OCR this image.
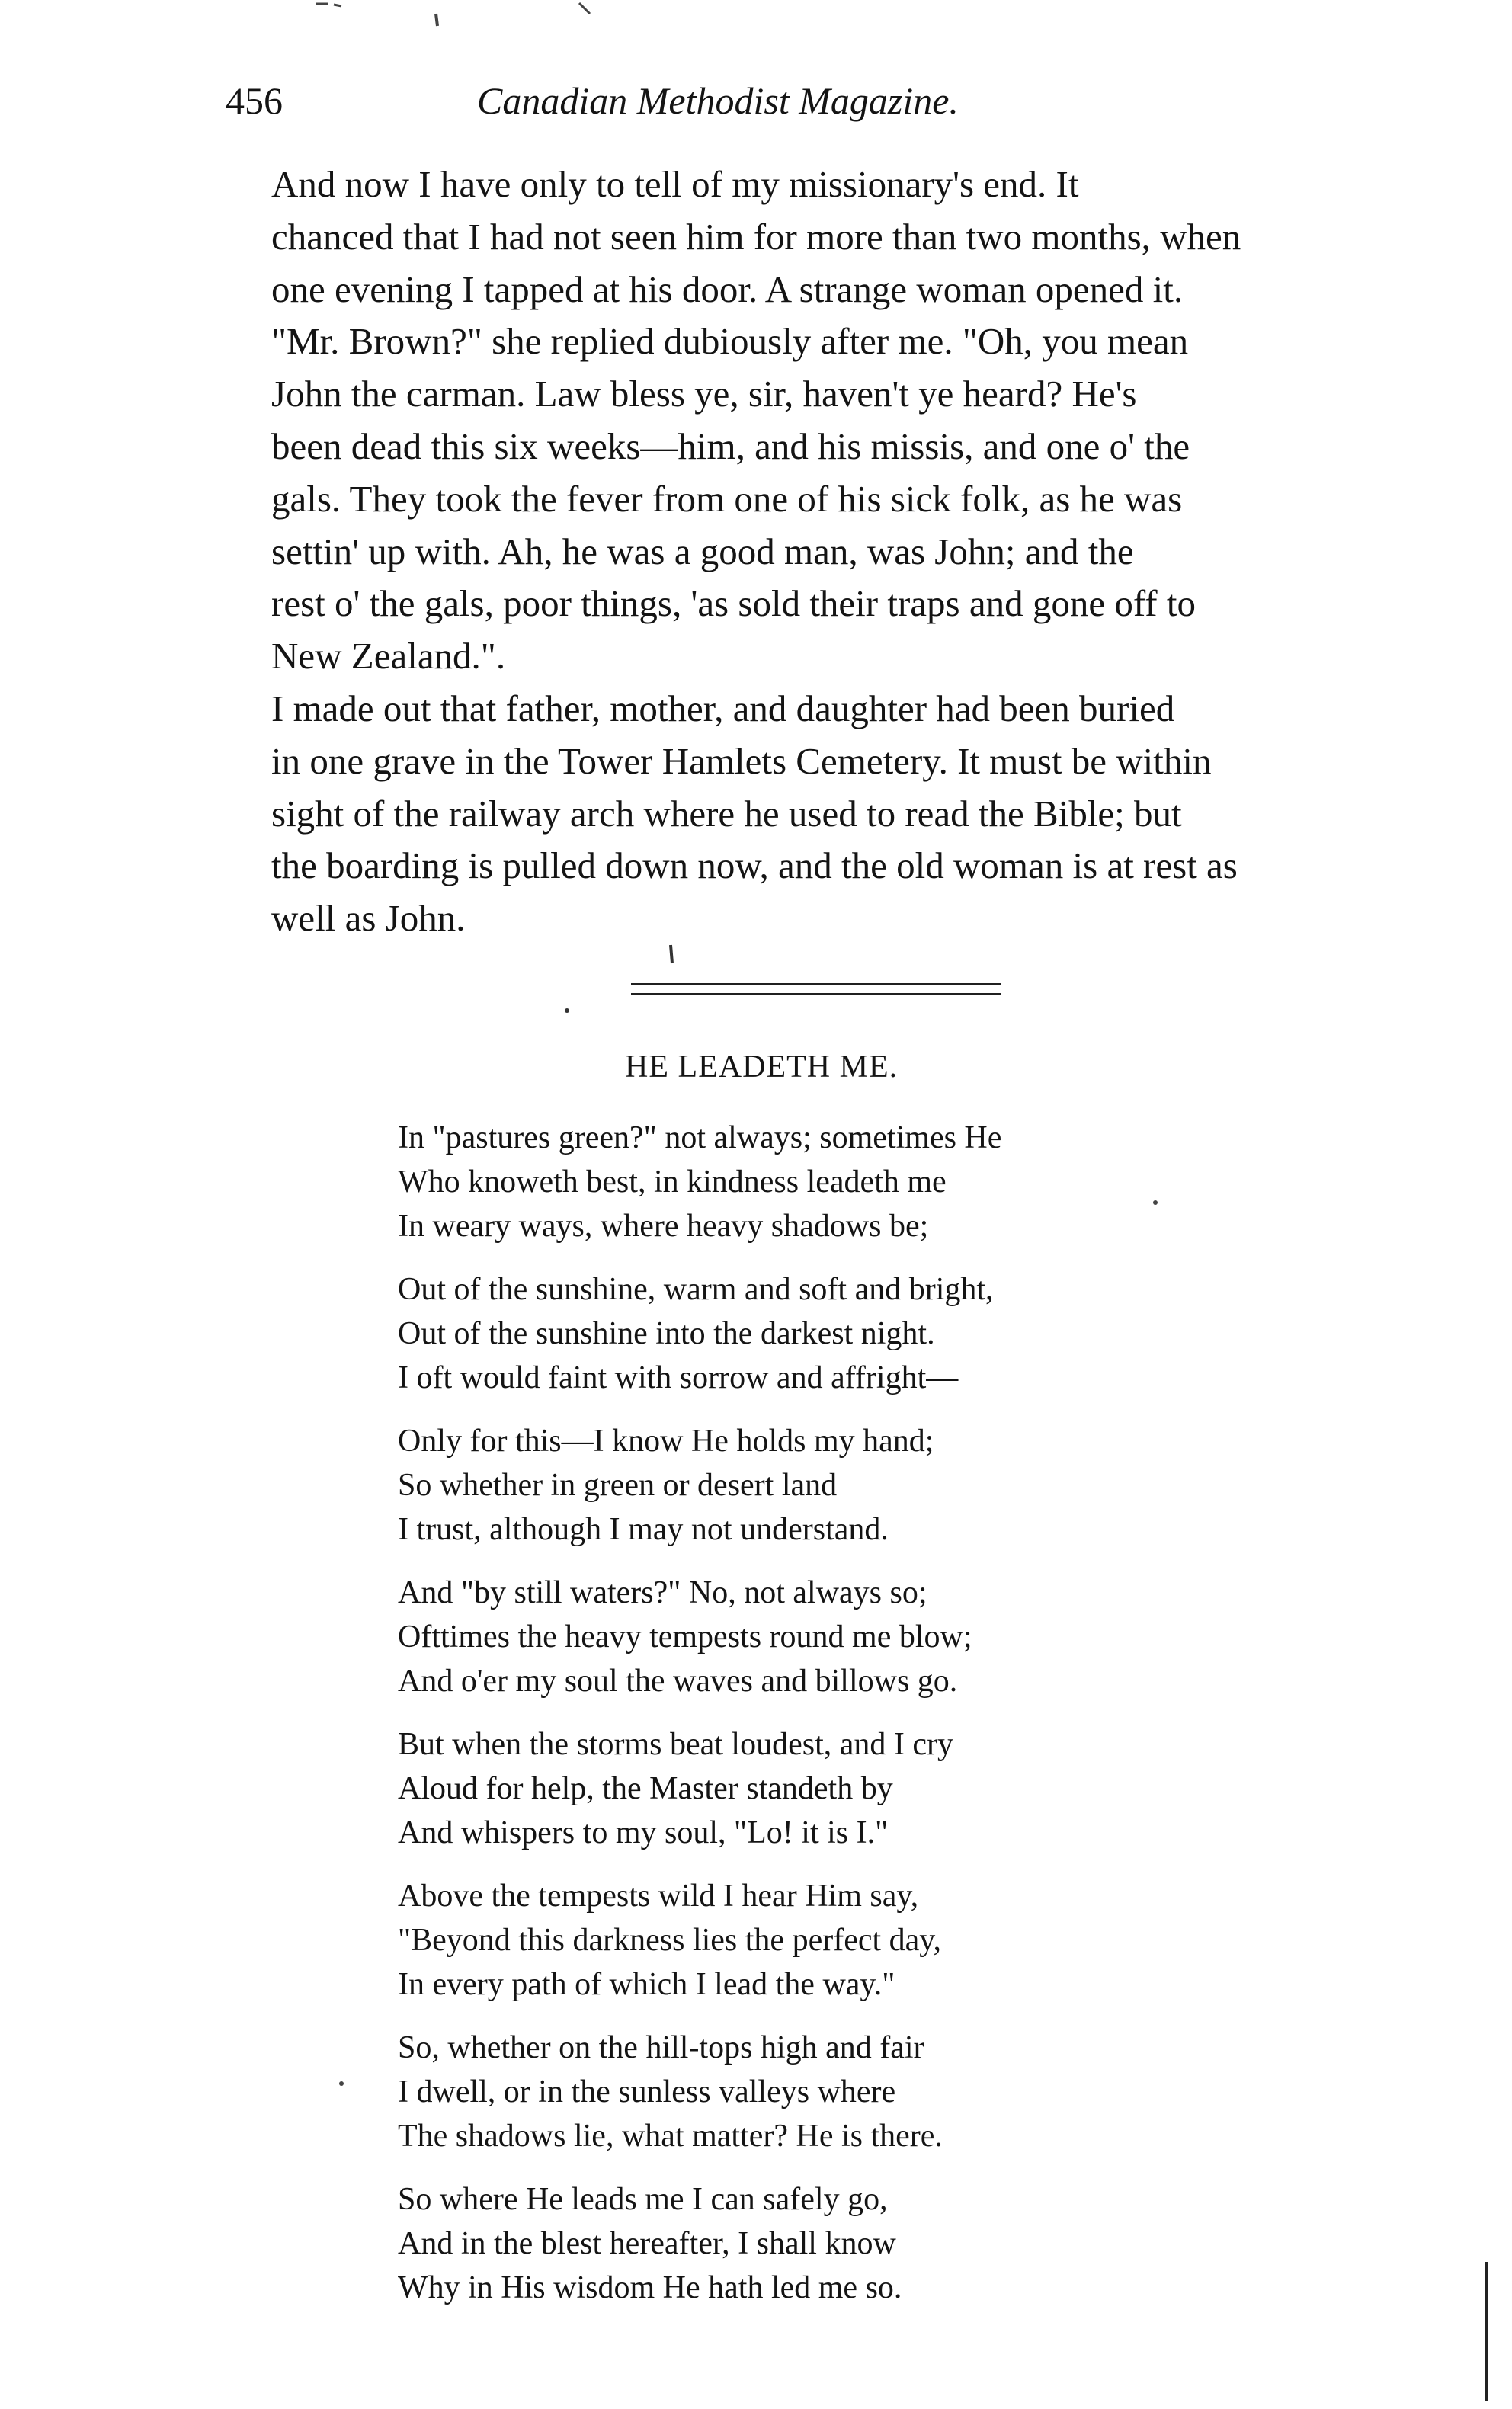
456	Canadian Methodist Magazine.

And now I have only to tell of my missionary's end. It
chanced that I had not seen him for more than two months, when
one evening I tapped at his door. A strange woman opened it.
"Mr. Brown?" she replied dubiously after me. "Oh, you mean
John the carman. Law bless ye, sir, haven't ye heard? He's
been dead this six weeks—him, and his missis, and one o' the
gals. They took the fever from one of his sick folk, as he was
settin' up with. Ah, he was a good man, was John; and the
rest o' the gals, poor things, 'as sold their traps and gone off to
New Zealand.".

I made out that father, mother, and daughter had been buried
in one grave in the Tower Hamlets Cemetery. It must be within
sight of the railway arch where he used to read the Bible; but
the boarding is pulled down now, and the old woman is at rest as
well as John.

HE LEADETH ME.
In "pastures green?" not always; sometimes He
Who knoweth best, in kindness leadeth me
In weary ways, where heavy shadows be;
Out of the sunshine, warm and soft and bright,
Out of the sunshine into the darkest night.
I oft would faint with sorrow and affright—
Only for this—I know He holds my hand;
So whether in green or desert land
I trust, although I may not understand.
And "by still waters?" No, not always so;
Ofttimes the heavy tempests round me blow;
And o'er my soul the waves and billows go.
But when the storms beat loudest, and I cry
Aloud for help, the Master standeth by
And whispers to my soul, "Lo! it is I."
Above the tempests wild I hear Him say,
"Beyond this darkness lies the perfect day,
In every path of which I lead the way."
So, whether on the hill-tops high and fair
I dwell, or in the sunless valleys where
The shadows lie, what matter? He is there.
So where He leads me I can safely go,
And in the blest hereafter, I shall know
Why in His wisdom He hath led me so.
